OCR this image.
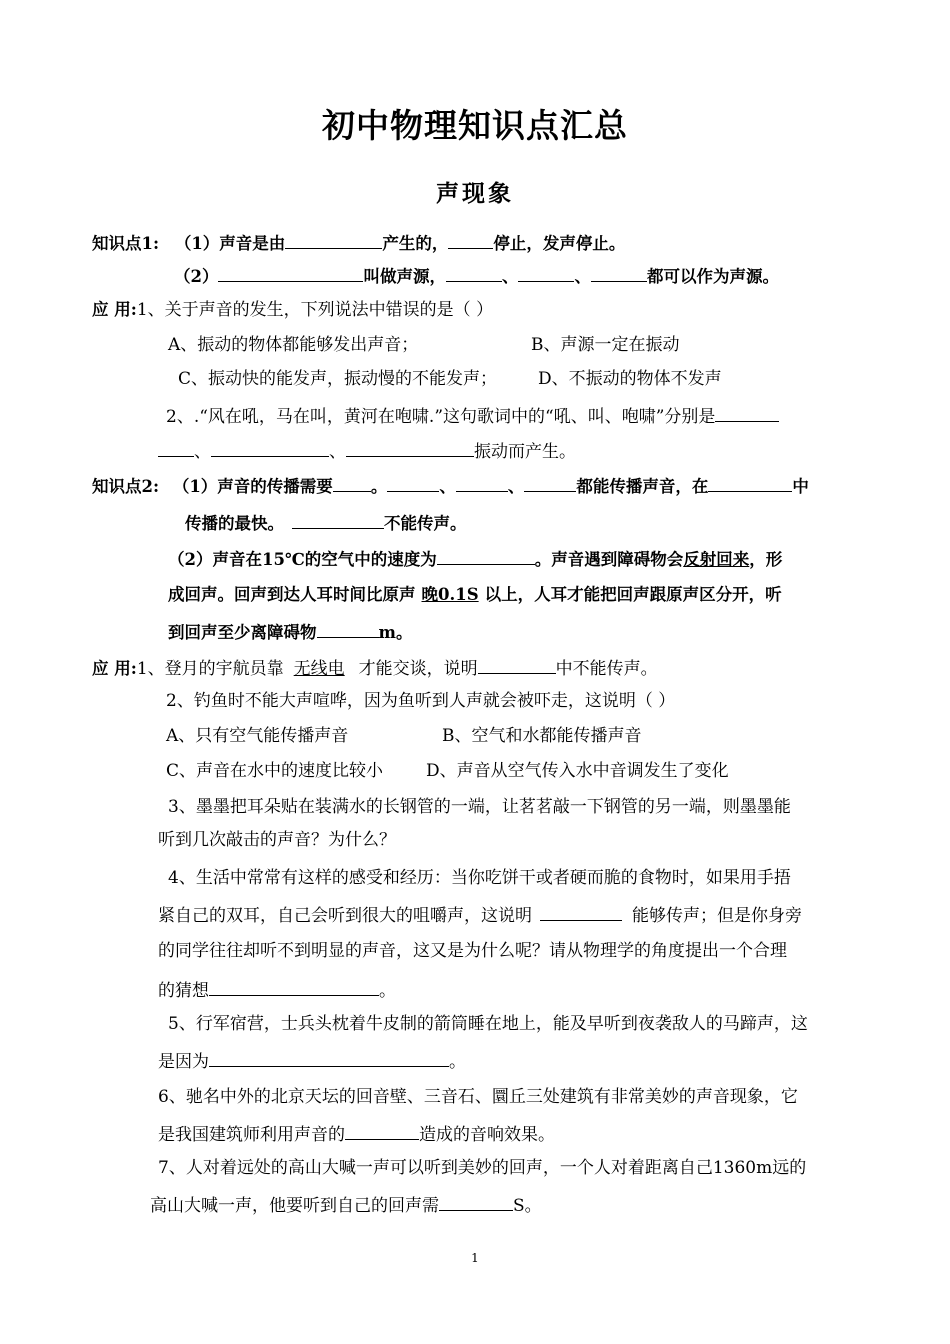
初中物理知识点汇总
声现象
知识点1: （1）声音是由	产生的，	停止，发声停止。
（2）	叫做声源，	、	、	都可以作为声源。
应 用:1、关于声音的发生，下列说法中错误的是（ ）
A、振动的物体都能够发出声音；	B、声源一定在振动
C、振动快的能发声，振动慢的不能发声； D、不振动的物体不发声
2、.“风在吼，马在叫，黄河在咆啸.”这句歌词中的“吼、叫、咆啸”分别是
、	、	振动而产生。
知识点2: （1）声音的传播需要 。	、	、	都能传播声音，在	中
传播的最快。	不能传声。
（2）声音在15℃的空气中的速度为	。声音遇到障碍物会反射回来，形
成回声。回声到达人耳时间比原声 晚0.1S 以上，人耳才能把回声跟原声区分开，听
到回声至少离障碍物	m。
应 用:1、登月的宇航员靠 无线电 才能交谈，说明	中不能传声。
2、钓鱼时不能大声喧哗，因为鱼听到人声就会被吓走，这说明（ ）
A、只有空气能传播声音	B、空气和水都能传播声音
C、声音在水中的速度比较小	D、声音从空气传入水中音调发生了变化
3、墨墨把耳朵贴在装满水的长钢管的一端，让茗茗敲一下钢管的另一端，则墨墨能
听到几次敲击的声音？为什么？
4、生活中常常有这样的感受和经历：当你吃饼干或者硬而脆的食物时，如果用手捂
紧自己的双耳，自己会听到很大的咀嚼声，这说明	能够传声；但是你身旁
的同学往往却听不到明显的声音，这又是为什么呢？请从物理学的角度提出一个合理
的猜想	。
5、行军宿营，士兵头枕着牛皮制的箭筒睡在地上，能及早听到夜袭敌人的马蹄声，这
是因为	。
6、驰名中外的北京天坛的回音壁、三音石、圜丘三处建筑有非常美妙的声音现象，它
是我国建筑师利用声音的	造成的音响效果。
7、人对着远处的高山大喊一声可以听到美妙的回声，一个人对着距离自己1360m远的
高山大喊一声，他要听到自己的回声需	S。
1
